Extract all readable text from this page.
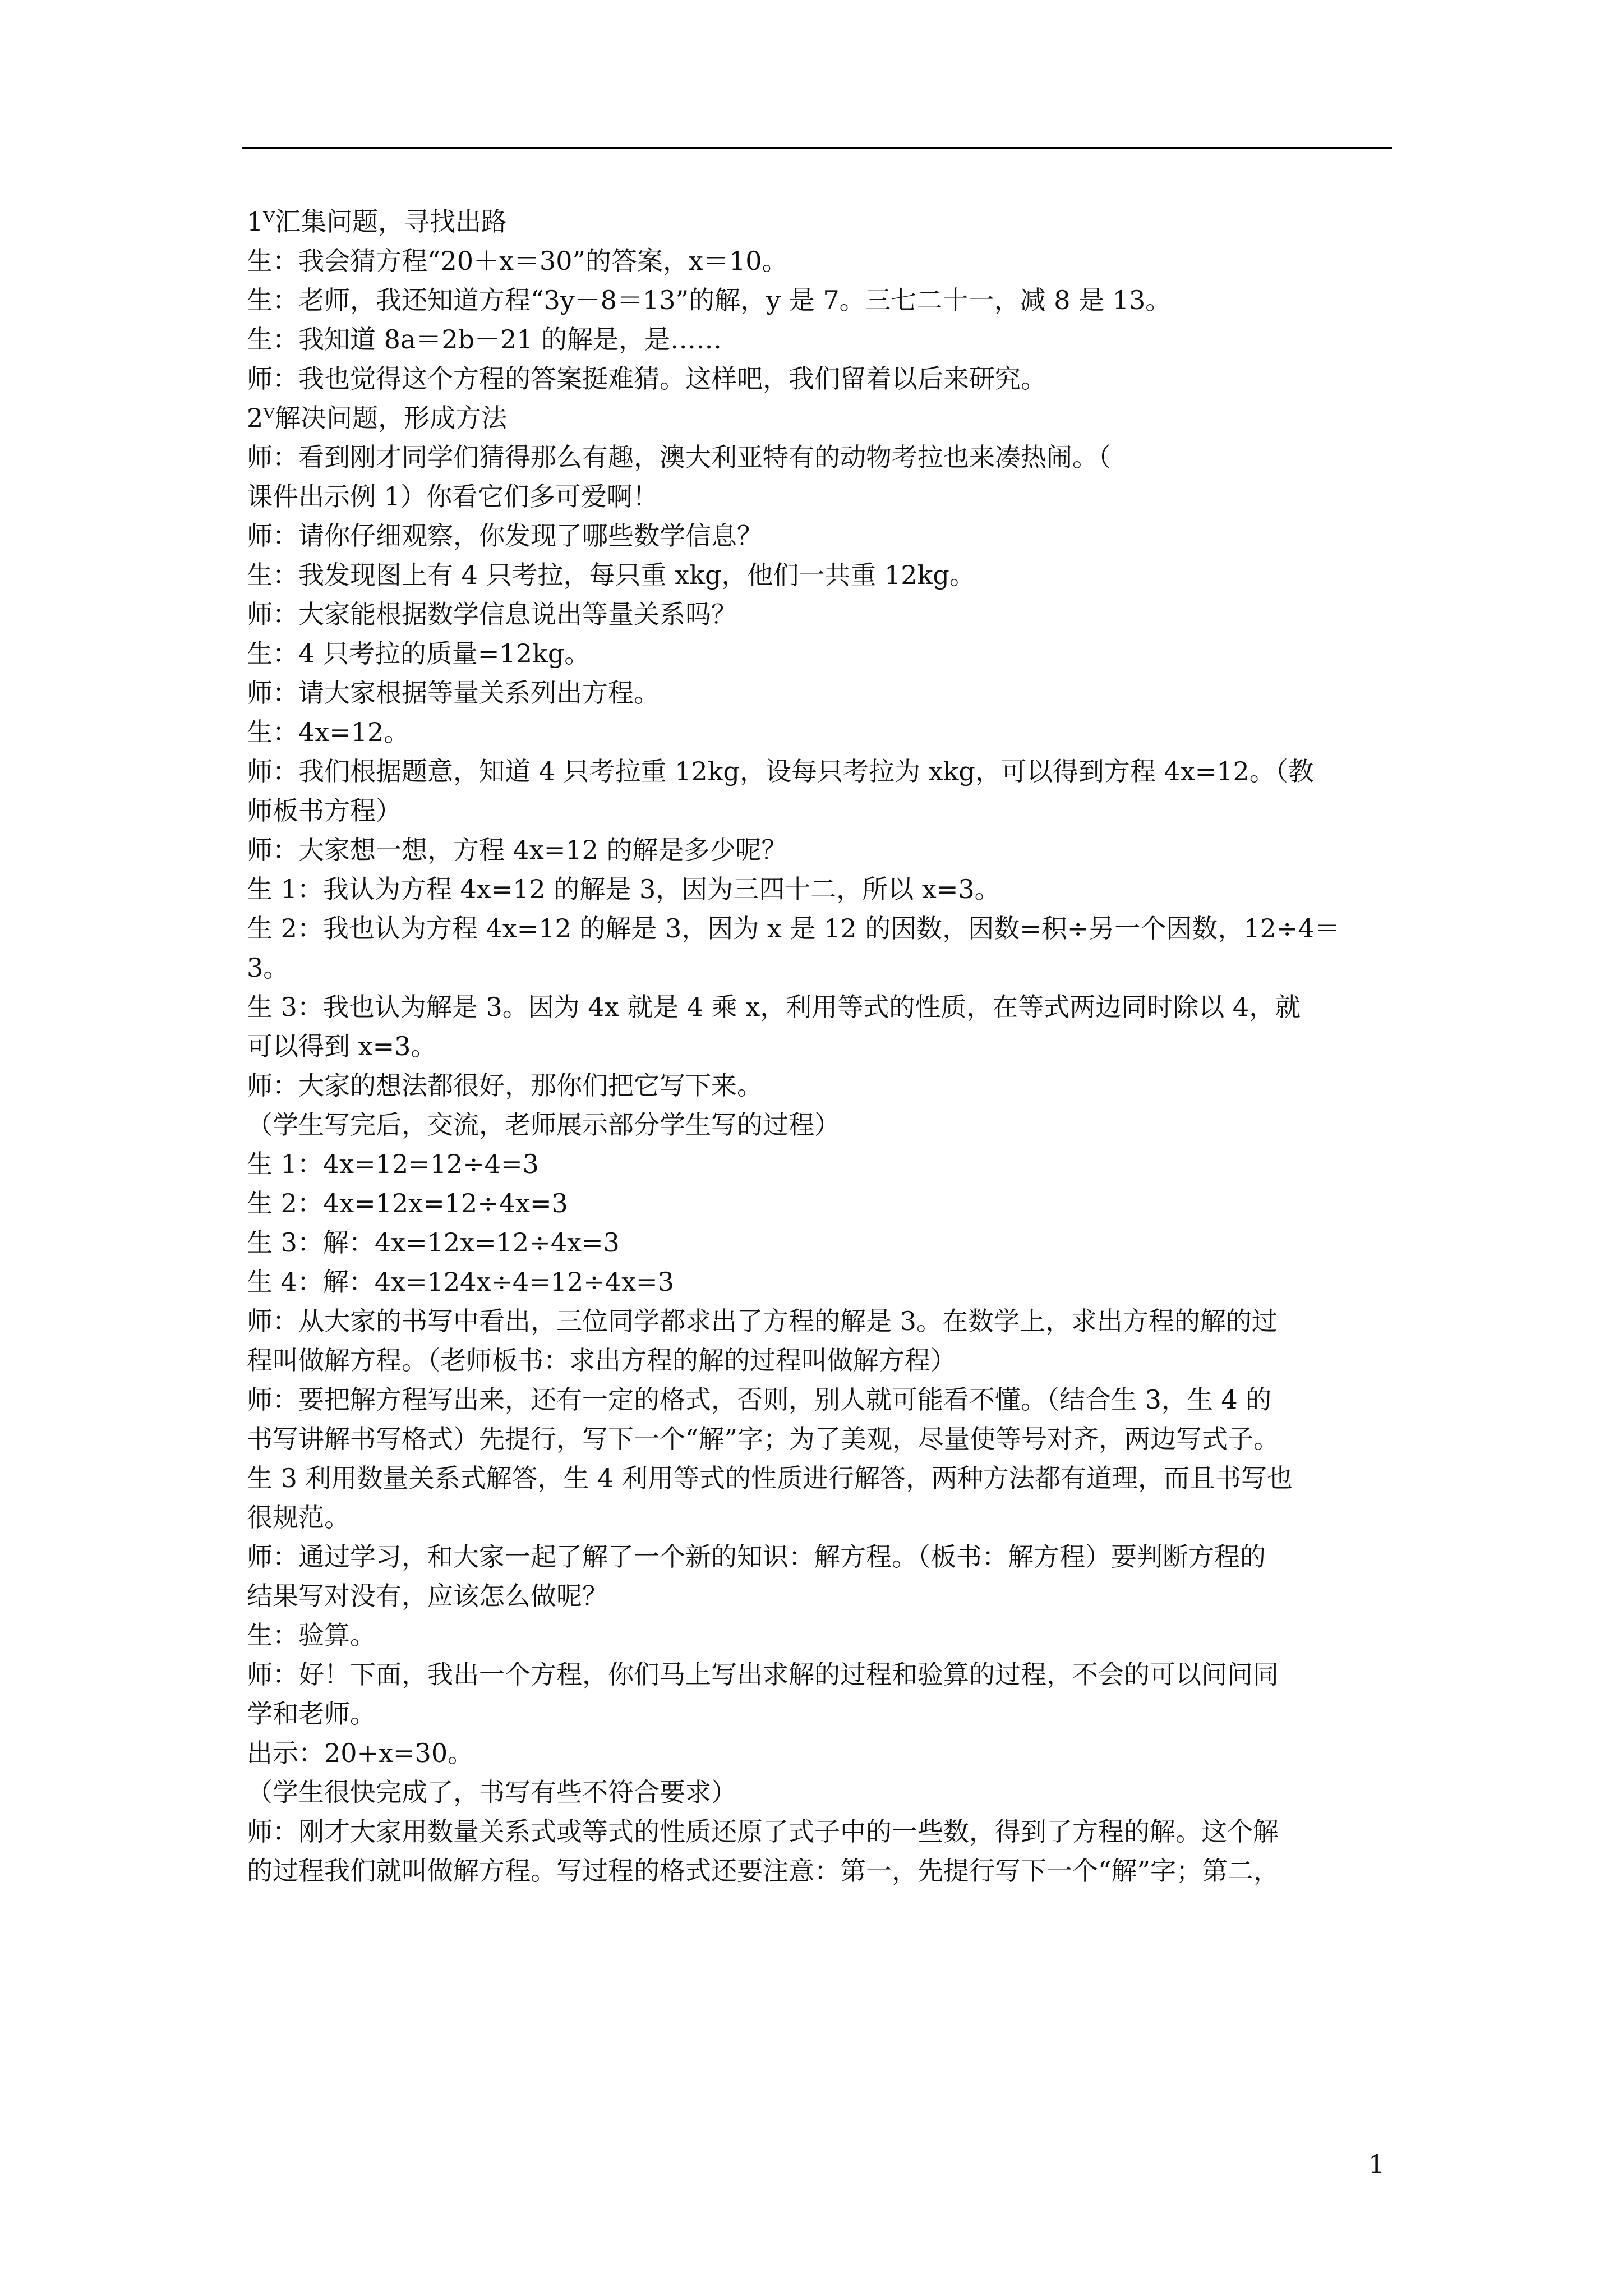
1ⱽ汇集问题，寻找出路
生：我会猜方程“20＋x＝30”的答案，x＝10。
生：老师，我还知道方程“3y－8＝13”的解，y 是 7。三七二十一，减 8 是 13。
生：我知道 8a＝2b－21 的解是，是……
师：我也觉得这个方程的答案挺难猜。这样吧，我们留着以后来研究。
2ⱽ解决问题，形成方法
师：看到刚才同学们猜得那么有趣，澳大利亚特有的动物考拉也来凑热闹。（
课件出示例 1）你看它们多可爱啊！
师：请你仔细观察，你发现了哪些数学信息？
生：我发现图上有 4 只考拉，每只重 xkg，他们一共重 12kg。
师：大家能根据数学信息说出等量关系吗？
生：4 只考拉的质量=12kg。
师：请大家根据等量关系列出方程。
生：4x=12。
师：我们根据题意，知道 4 只考拉重 12kg，设每只考拉为 xkg，可以得到方程 4x=12。（教
师板书方程）
师：大家想一想，方程 4x=12 的解是多少呢？
生 1：我认为方程 4x=12 的解是 3，因为三四十二，所以 x=3。
生 2：我也认为方程 4x=12 的解是 3，因为 x 是 12 的因数，因数=积÷另一个因数，12÷4＝
3。
生 3：我也认为解是 3。因为 4x 就是 4 乘 x，利用等式的性质，在等式两边同时除以 4，就
可以得到 x=3。
师：大家的想法都很好，那你们把它写下来。
（学生写完后，交流，老师展示部分学生写的过程）
生 1：4x=12=12÷4=3
生 2：4x=12x=12÷4x=3
生 3：解：4x=12x=12÷4x=3
生 4：解：4x=124x÷4=12÷4x=3
师：从大家的书写中看出，三位同学都求出了方程的解是 3。在数学上，求出方程的解的过
程叫做解方程。（老师板书：求出方程的解的过程叫做解方程）
师：要把解方程写出来，还有一定的格式，否则，别人就可能看不懂。（结合生 3，生 4 的
书写讲解书写格式）先提行，写下一个“解”字；为了美观，尽量使等号对齐，两边写式子。
生 3 利用数量关系式解答，生 4 利用等式的性质进行解答，两种方法都有道理，而且书写也
很规范。
师：通过学习，和大家一起了解了一个新的知识：解方程。（板书：解方程）要判断方程的
结果写对没有，应该怎么做呢？
生：验算。
师：好！下面，我出一个方程，你们马上写出求解的过程和验算的过程，不会的可以问问同
学和老师。
出示：20+x=30。
（学生很快完成了，书写有些不符合要求）
师：刚才大家用数量关系式或等式的性质还原了式子中的一些数，得到了方程的解。这个解
的过程我们就叫做解方程。写过程的格式还要注意：第一，先提行写下一个“解”字；第二，
1
